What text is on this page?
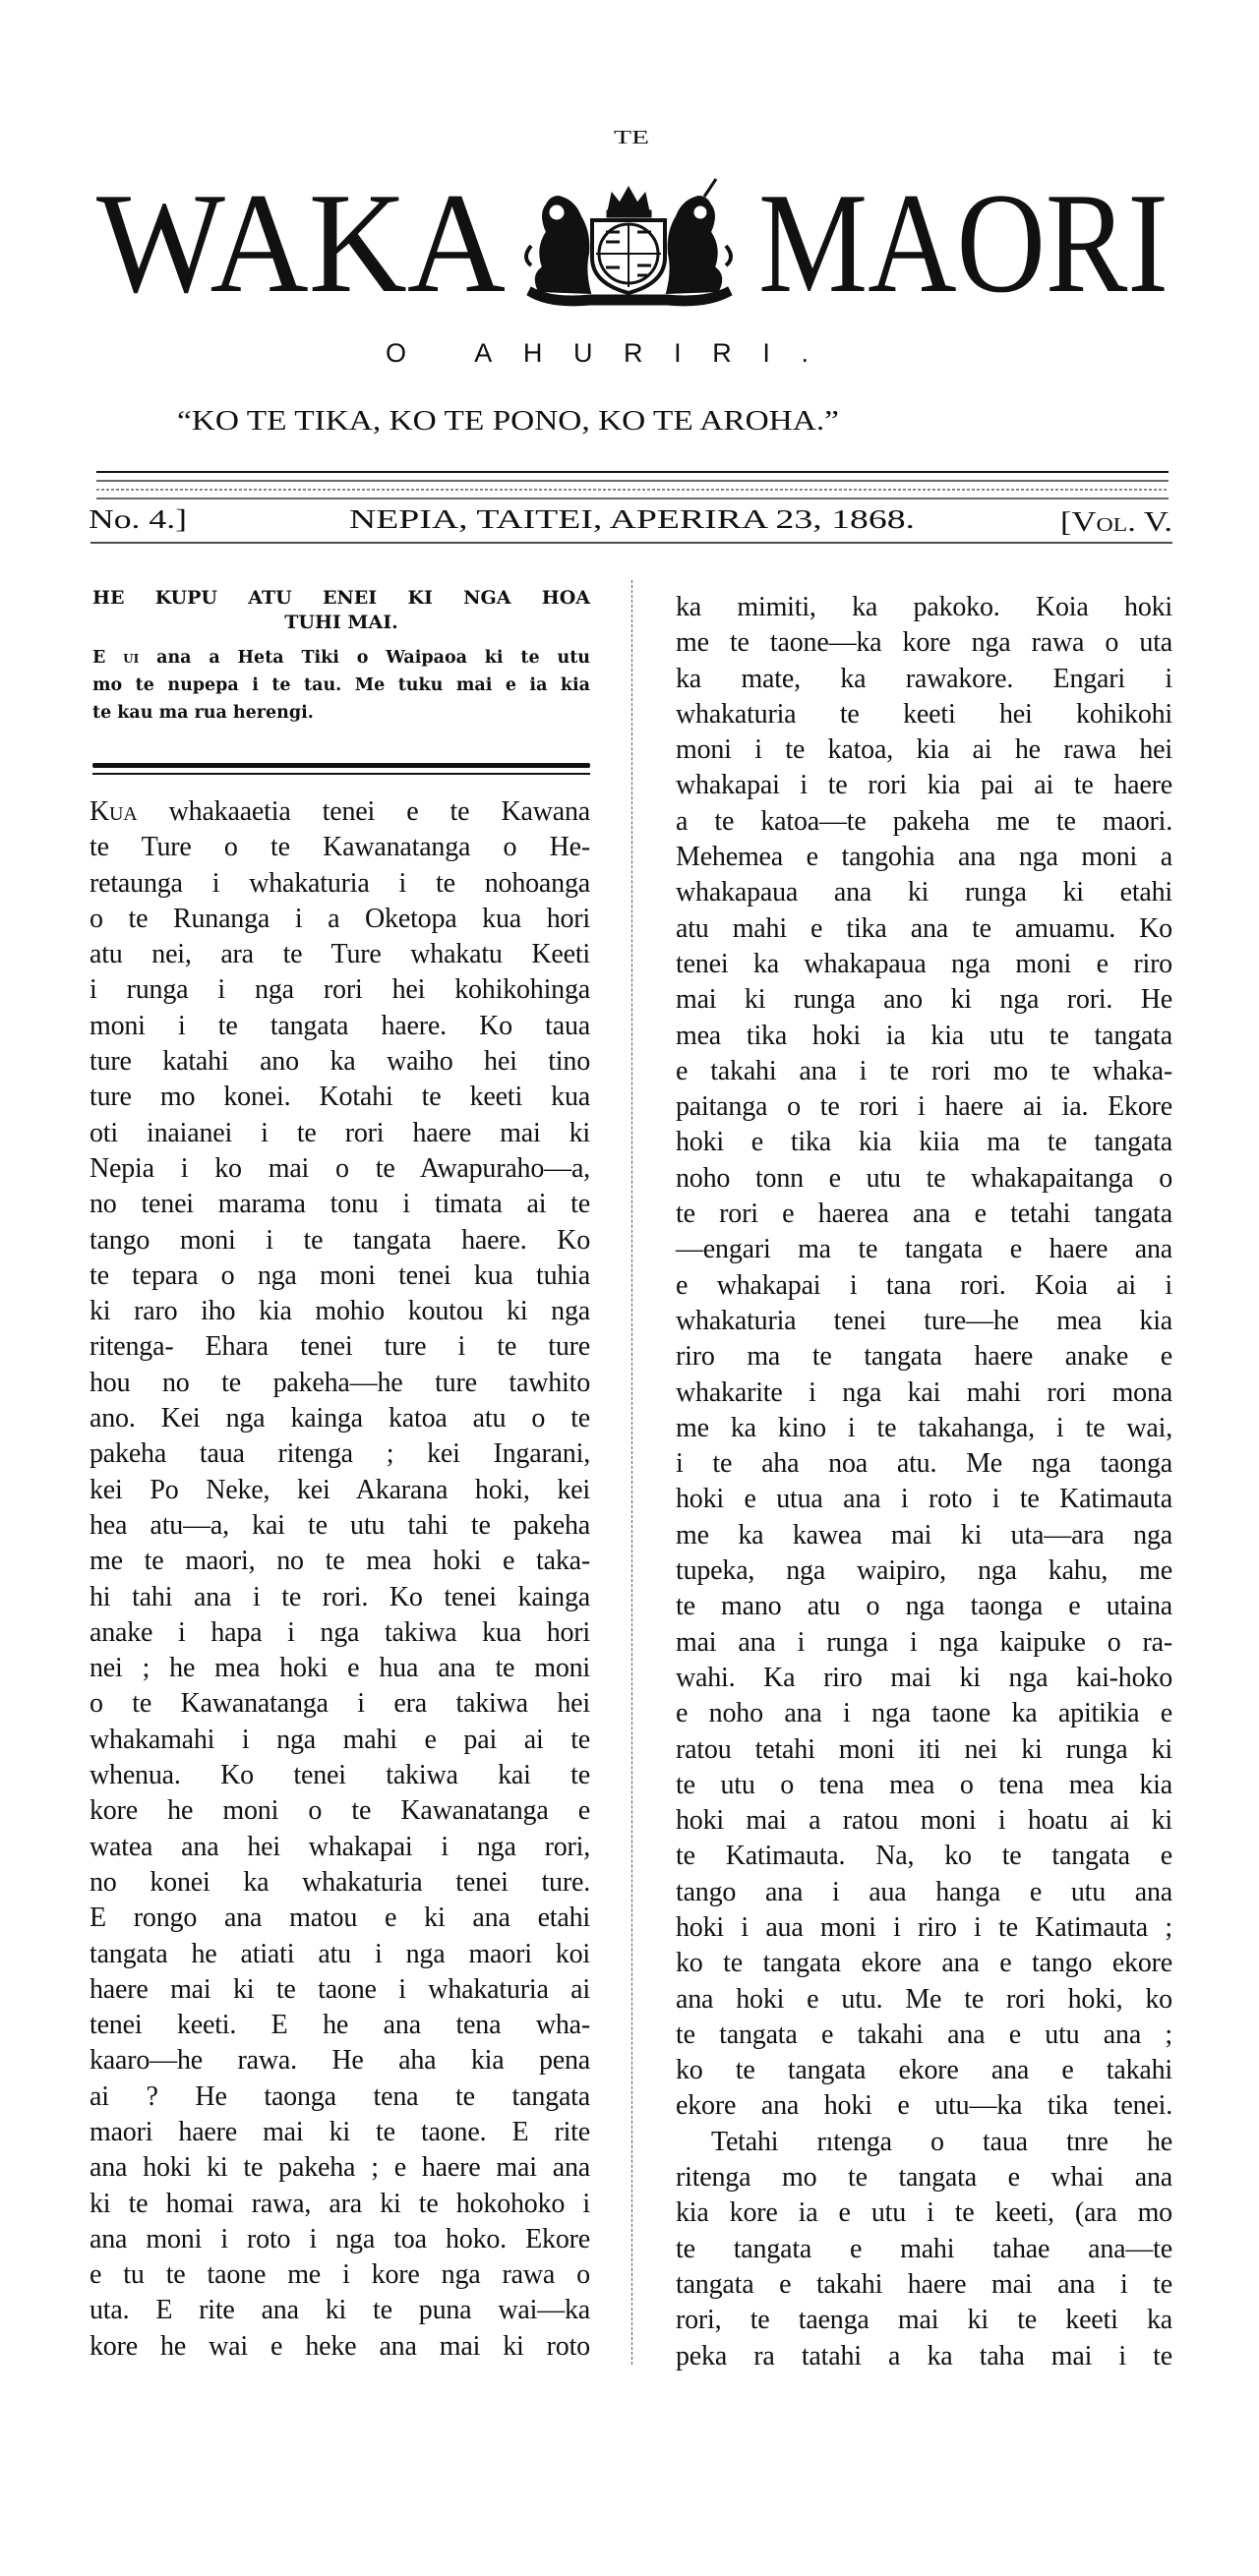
TE
WAKA MAORI
O AHURIRI.
“KO TE TIKA, KO TE PONO, KO TE AROHA.”
No. 4.]	NEPIA, TAITEI, APERIRA 23, 1868.	[Vol. V.
HE KUPU ATU ENEI KI NGA HOA
TUHI MAI.
E ui ana a Heta Tiki o Waipaoa ki te utu
mo te nupepa i te tau. Me tuku mai e ia kia
te kau ma rua herengi.
Kua whakaaetia tenei e te Kawana
te Ture o te Kawanatanga o He-
retaunga i whakaturia i te nohoanga
o te Runanga i a Oketopa kua hori
atu nei, ara te Ture whakatu Keeti
i runga i nga rori hei kohikohinga
moni i te tangata haere. Ko taua
ture katahi ano ka waiho hei tino
ture mo konei. Kotahi te keeti kua
oti inaianei i te rori haere mai ki
Nepia i ko mai o te Awapuraho—a,
no tenei marama tonu i timata ai te
tango moni i te tangata haere. Ko
te tepara o nga moni tenei kua tuhia
ki raro iho kia mohio koutou ki nga
ritenga- Ehara tenei ture i te ture
hou no te pakeha—he ture tawhito
ano. Kei nga kainga katoa atu o te
pakeha taua ritenga ; kei Ingarani,
kei Po Neke, kei Akarana hoki, kei
hea atu—a, kai te utu tahi te pakeha
me te maori, no te mea hoki e taka-
hi tahi ana i te rori. Ko tenei kainga
anake i hapa i nga takiwa kua hori
nei ; he mea hoki e hua ana te moni
o te Kawanatanga i era takiwa hei
whakamahi i nga mahi e pai ai te
whenua. Ko tenei takiwa kai te
kore he moni o te Kawanatanga e
watea ana hei whakapai i nga rori,
no konei ka whakaturia tenei ture.
E rongo ana matou e ki ana etahi
tangata he atiati atu i nga maori koi
haere mai ki te taone i whakaturia ai
tenei keeti. E he ana tena wha-
kaaro—he rawa. He aha kia pena
ai ? He taonga tena te tangata
maori haere mai ki te taone. E rite
ana hoki ki te pakeha ; e haere mai ana
ki te homai rawa, ara ki te hokohoko i
ana moni i roto i nga toa hoko. Ekore
e tu te taone me i kore nga rawa o
uta. E rite ana ki te puna wai—ka
kore he wai e heke ana mai ki roto
ka mimiti, ka pakoko. Koia hoki
me te taone—ka kore nga rawa o uta
ka mate, ka rawakore. Engari i
whakaturia te keeti hei kohikohi
moni i te katoa, kia ai he rawa hei
whakapai i te rori kia pai ai te haere
a te katoa—te pakeha me te maori.
Mehemea e tangohia ana nga moni a
whakapaua ana ki runga ki etahi
atu mahi e tika ana te amuamu. Ko
tenei ka whakapaua nga moni e riro
mai ki runga ano ki nga rori. He
mea tika hoki ia kia utu te tangata
e takahi ana i te rori mo te whaka-
paitanga o te rori i haere ai ia. Ekore
hoki e tika kia kiia ma te tangata
noho tonn e utu te whakapaitanga o
te rori e haerea ana e tetahi tangata
—engari ma te tangata e haere ana
e whakapai i tana rori. Koia ai i
whakaturia tenei ture—he mea kia
riro ma te tangata haere anake e
whakarite i nga kai mahi rori mona
me ka kino i te takahanga, i te wai,
i te aha noa atu. Me nga taonga
hoki e utua ana i roto i te Katimauta
me ka kawea mai ki uta—ara nga
tupeka, nga waipiro, nga kahu, me
te mano atu o nga taonga e utaina
mai ana i runga i nga kaipuke o ra-
wahi. Ka riro mai ki nga kai-hoko
e noho ana i nga taone ka apitikia e
ratou tetahi moni iti nei ki runga ki
te utu o tena mea o tena mea kia
hoki mai a ratou moni i hoatu ai ki
te Katimauta. Na, ko te tangata e
tango ana i aua hanga e utu ana
hoki i aua moni i riro i te Katimauta ;
ko te tangata ekore ana e tango ekore
ana hoki e utu. Me te rori hoki, ko
te tangata e takahi ana e utu ana ;
ko te tangata ekore ana e takahi
ekore ana hoki e utu—ka tika tenei.
Tetahi rıtenga o taua tnre he
ritenga mo te tangata e whai ana
kia kore ia e utu i te keeti, (ara mo
te tangata e mahi tahae ana—te
tangata e takahi haere mai ana i te
rori, te taenga mai ki te keeti ka
peka ra tatahi a ka taha mai i te
